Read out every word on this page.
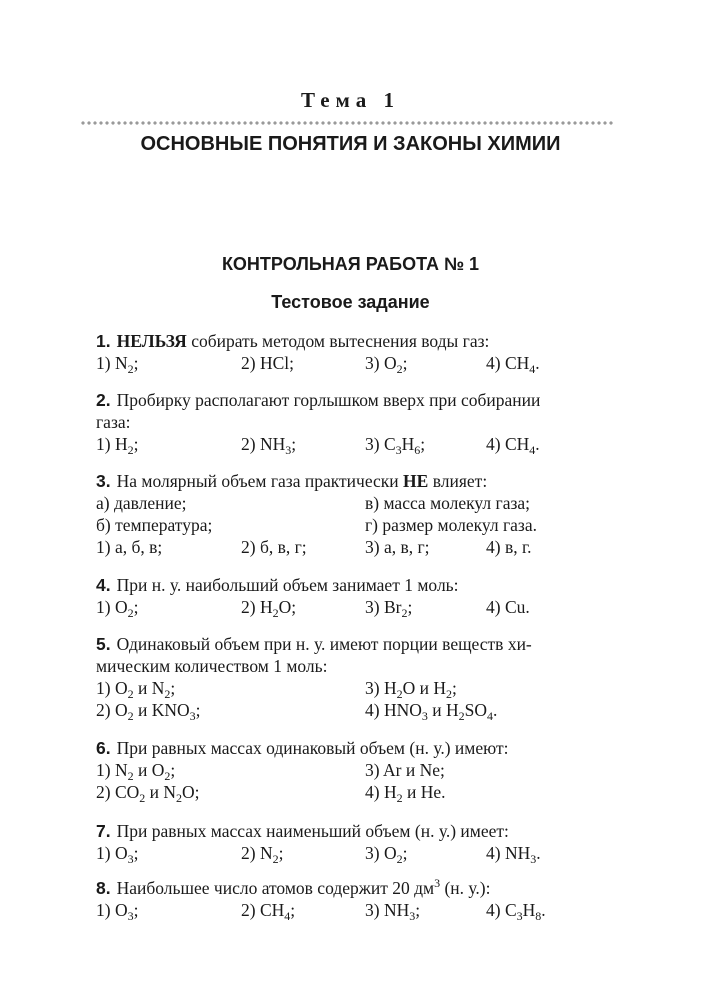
Тема 1
ОСНОВНЫЕ ПОНЯТИЯ И ЗАКОНЫ ХИМИИ
КОНТРОЛЬНАЯ РАБОТА № 1
Тестовое задание
1. НЕЛЬЗЯ собирать методом вытеснения воды газ:
1) $N_2$;	2) HCl;	3) $O_2$;	4) $CH_4$.
2. Пробирку располагают горлышком вверх при собирании
газа:
1) $H_2$;	2) $NH_3$;	3) $C_3H_6$;	4) $CH_4$.
3. На молярный объем газа практически НЕ влияет:
а) давление;	в) масса молекул газа;
б) температура;	г) размер молекул газа.
1) а, б, в;	2) б, в, г;	3) а, в, г;	4) в, г.
4. При н. у. наибольший объем занимает 1 моль:
1) $O_2$;	2) $H_2O$;	3) $Br_2$;	4) Cu.
5. Одинаковый объем при н. у. имеют порции веществ хи-
мическим количеством 1 моль:
1) $O_2$ и $N_2$;	3) $H_2O$ и $H_2$;
2) $O_2$ и $KNO_3$;	4) $HNO_3$ и $H_2SO_4$.
6. При равных массах одинаковый объем (н. у.) имеют:
1) $N_2$ и $O_2$;	3) Ar и Ne;
2) $CO_2$ и $N_2O$;	4) $H_2$ и He.
7. При равных массах наименьший объем (н. у.) имеет:
1) $O_3$;	2) $N_2$;	3) $O_2$;	4) $NH_3$.
8. Наибольшее число атомов содержит 20 $дм^3$ (н. у.):
1) $O_3$;	2) $CH_4$;	3) $NH_3$;	4) $C_3H_8$.
